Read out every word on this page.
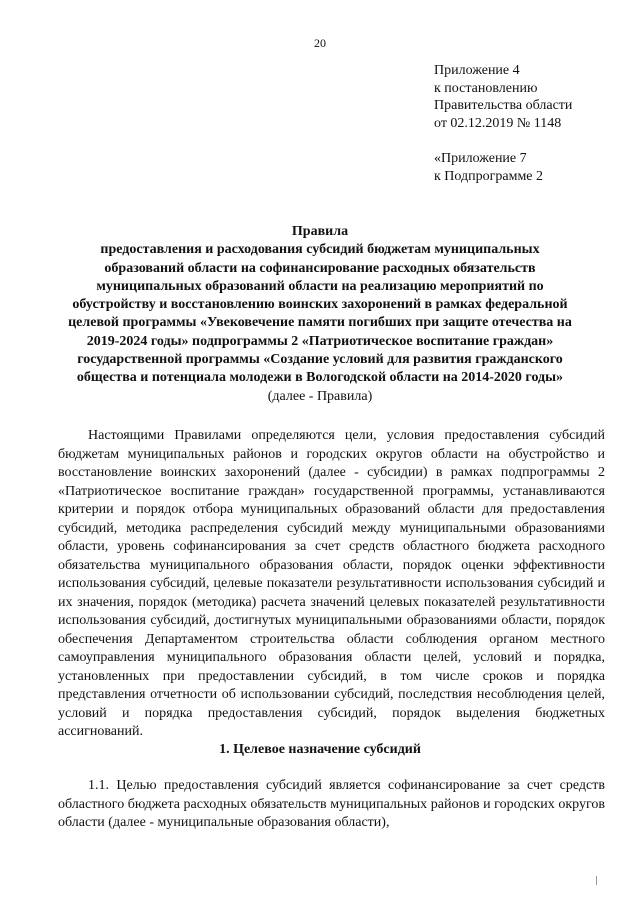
20
Приложение 4
к постановлению
Правительства области
от 02.12.2019 № 1148
«Приложение 7
к Подпрограмме 2
Правила
предоставления и расходования субсидий бюджетам муниципальных
образований области на софинансирование расходных обязательств
муниципальных образований области на реализацию мероприятий по
обустройству и восстановлению воинских захоронений в рамках федеральной
целевой программы «Увековечение памяти погибших при защите отечества на
2019-2024 годы» подпрограммы 2 «Патриотическое воспитание граждан»
государственной программы «Создание условий для развития гражданского
общества и потенциала молодежи в Вологодской области на 2014-2020 годы»
(далее - Правила)

Настоящими Правилами определяются цели, условия предоставления субсидий бюджетам муниципальных районов и городских округов области на обустройство и восстановление воинских захоронений (далее - субсидии) в рамках подпрограммы 2 «Патриотическое воспитание граждан» государственной программы, устанавливаются критерии и порядок отбора муниципальных образований области для предоставления субсидий, методика распределения субсидий между муниципальными образованиями области, уровень софинансирования за счет средств областного бюджета расходного обязательства муниципального образования области, порядок оценки эффективности использования субсидий, целевые показатели результативности использования субсидий и их значения, порядок (методика) расчета значений целевых показателей результативности использования субсидий, достигнутых муниципальными образованиями области, порядок обеспечения Департаментом строительства области соблюдения органом местного самоуправления муниципального образования области целей, условий и порядка, установленных при предоставлении субсидий, в том числе сроков и порядка представления отчетности об использовании субсидий, последствия несоблюдения целей, условий и порядка предоставления субсидий, порядок выделения бюджетных ассигнований.

1. Целевое назначение субсидий

1.1. Целью предоставления субсидий является софинансирование за счет средств областного бюджета расходных обязательств муниципальных районов и городских округов области (далее - муниципальные образования области),
